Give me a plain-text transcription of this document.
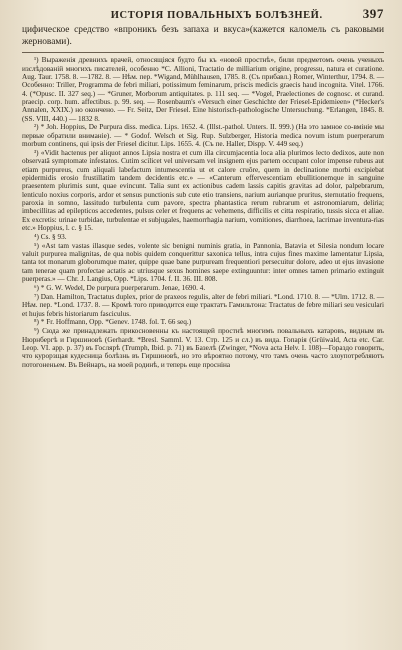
ИСТОРІЯ ПОВАЛЬНЫХЪ БОЛѢЗНЕЙ.	397

цифическое средство «впроникъ безъ запаха и вкуса»(кажется каломель съ раковыми жерновами).

¹) Выраженія древнихъ врачей, относящіяся будто бы къ «новой простнѣ», били предметомъ очень ученыхъ изслѣдованій многихъ писателей, особенно *C. Allioni, Tractatio de milliarium origine, progressu, natura et curatione. Aug. Taur. 1758. 8. —1782. 8. — Нѣм. пер. *Wigand, Mühlhausen, 1785. 8. (Съ прибавл.) Romer, Winterthur, 1794. 8. — Особенно: Triller, Programma de febri miliari, potissimum feminarum, priscis medicis graecis haud incognita. Vitel. 1766. 4. (*Opusc. II. 327 seq.) — *Gruner, Morborum antiquitates. p. 111 seq. — *Vogel, Praelectiones de cognosc. et curand. praecip. corp. hum. affectibus. p. 99. seq. — Rosenbaum's «Versuch einer Geschichte der Friesel-Epidemieen» (*Hecker's Annalen, XXIX.) но окончено. — Fr. Seitz, Der Friesel. Eine historisch-pathologische Untersuchung. *Erlangen, 1845. 8. (SS. VIII, 440.) — 1832 8.

²) * Joh. Hoppius, De Purpura diss. medica. Lips. 1652. 4. (Illst.-pathol. Unters. II. 999.) (На это замное со-вмініе мы первые обратили вниманіе). — * Godof. Welsch et Sig. Rup. Sulzberger, Historia medica novum istum puerperarum morbum continens, qui ipsis der Friesel dicitur. Lips. 1655. 4. (Съ пе. Haller, Dispp. V. 449 seq.)

³) «Vidit hactenus per aliquot annos Lipsia nostra et cum illa circumjacentia loca alia plurimos lecto dedixos, aute non observatâ symptomate infestatos. Cutim scilicet vel universam vel insignem ejus partem occupant color impense rubeus aut etiam purpureus, cum aliquali labefactum intumescentia ut et calore cruôre, quem in declinatione morbi excipiebat epidermidis erosio frustillatim tandem decidentis etc.» — «Canterum effervescentiam ebullitionemque in sanguine praesentem plurimis sunt, quae evincunt. Talia sunt ex actionibus cadem lassis capitis gravitas ad dolor, palpebrarum, lenticulo noxius corporis, ardor et sensus punctionis sub cute etio transiens, narium aurianque pruritus, sternutatio frequens, paroxia in somno, lassitudo turbulenta cum pavore, spectra phantastica rerum rubrarum et astronomiarum, deliria; imbecillitas ad epilepticos accedentes, pulsus celer et frequens ac vehemens, difficilis et citta respiratio, tussis sicca et aliae. Ex excretis: urinae turbidae, turbulentae et subjugales, haemorrhagia narium, vomitiones, diarrhoea, lacrimae inventura-rias etc.» Hoppius, l. c. § 15.

⁴) Cs. § 93.

⁵) «Ast tam vastas illasque sedes, volente sic benigni numinis gratia, in Pannonia, Batavia et Silesia nondum locare valuit purpurea malignitas, de qua nobis quidem conquerittur saxonica tellus, intra cujus fines maxime lamentatur Lipsia, tanta tot monarum globorumque mater, quippe quae bane purpuream frequentiori persecuitur dolore, adeo ut ejus invasione tam tenerae quam profectae actatis ac utriusque sexus homines saepe extinguuntur: inter omnes tamen primario extinguit puerperas.» — Chr. J. Langius, Opp. *Lips. 1704. f. II. 36. III. 808.

⁶) * G. W. Wedel, De purpura puerperarum. Jenae, 1690. 4.

⁷) Dan. Hamilton, Tractatus duplex, prior de praxeos regulis, alter de febri miliari. *Lond. 1710. 8. — *Ulm. 1712. 8. — Нѣм. пер. *Lond. 1737. 8. — Кромѣ того приводится еще трактатъ Гамильтона: Tractatus de febre miliari seu vesiculari et hujus febris historiarum fasciculus.

⁸) * Fr. Hoffmann, Opp. *Genev. 1748. fol. T. 66 seq.)

⁹) Сюда же принадлежать прикосновенны къ настоящей простнѣ многимъ повальныхъ катаровъ, видным въ Нюрнбергѣ и Гиршиновѣ (Gerhardt. *Bresl. Samml. V. 13. Стр. 125 и сл.) въ вида. Гопарія (Grüiwald, Acta etc. Car. Leop. VI. app. p. 37) въ Гослярѣ (Trumph, Ibid. p. 71) въ Базелѣ (Zwinger, *Nova acta Helv. I. 108)—Гораздо говорить, что курорзщая кудесница болѣзнь въ Гиршиновѣ, но это вѣроятно потому, что тамъ очень часто злоупотребляютъ потогоненьем. Въ Вейнаръ, на моей родинѣ, и теперь еще просніна
